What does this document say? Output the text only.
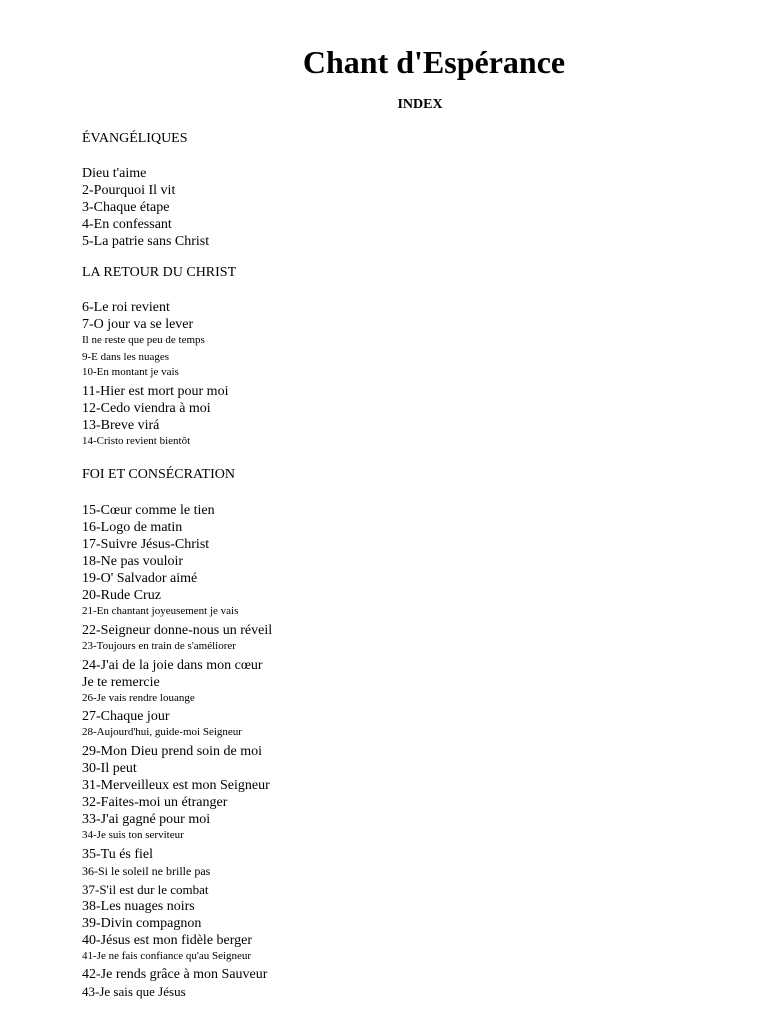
Chant d'Espérance
INDEX
ÉVANGÉLIQUES
Dieu t'aime
2-Pourquoi Il vit
3-Chaque étape
4-En confessant
5-La patrie sans Christ
LA RETOUR DU CHRIST
6-Le roi revient
7-O jour va se lever
Il ne reste que peu de temps
9-E dans les nuages
10-En montant je vais
11-Hier est mort pour moi
12-Cedo viendra à moi
13-Breve virá
14-Cristo revient bientôt
FOI ET CONSÉCRATION
15-Cœur comme le tien
16-Logo de matin
17-Suivre Jésus-Christ
18-Ne pas vouloir
19-O' Salvador aimé
20-Rude Cruz
21-En chantant joyeusement je vais
22-Seigneur donne-nous un réveil
23-Toujours en train de s'améliorer
24-J'ai de la joie dans mon cœur
Je te remercie
26-Je vais rendre louange
27-Chaque jour
28-Aujourd'hui, guide-moi Seigneur
29-Mon Dieu prend soin de moi
30-Il peut
31-Merveilleux est mon Seigneur
32-Faites-moi un étranger
33-J'ai gagné pour moi
34-Je suis ton serviteur
35-Tu és fiel
36-Si le soleil ne brille pas
37-S'il est dur le combat
38-Les nuages noirs
39-Divin compagnon
40-Jésus est mon fidèle berger
41-Je ne fais confiance qu'au Seigneur
42-Je rends grâce à mon Sauveur
43-Je sais que Jésus
